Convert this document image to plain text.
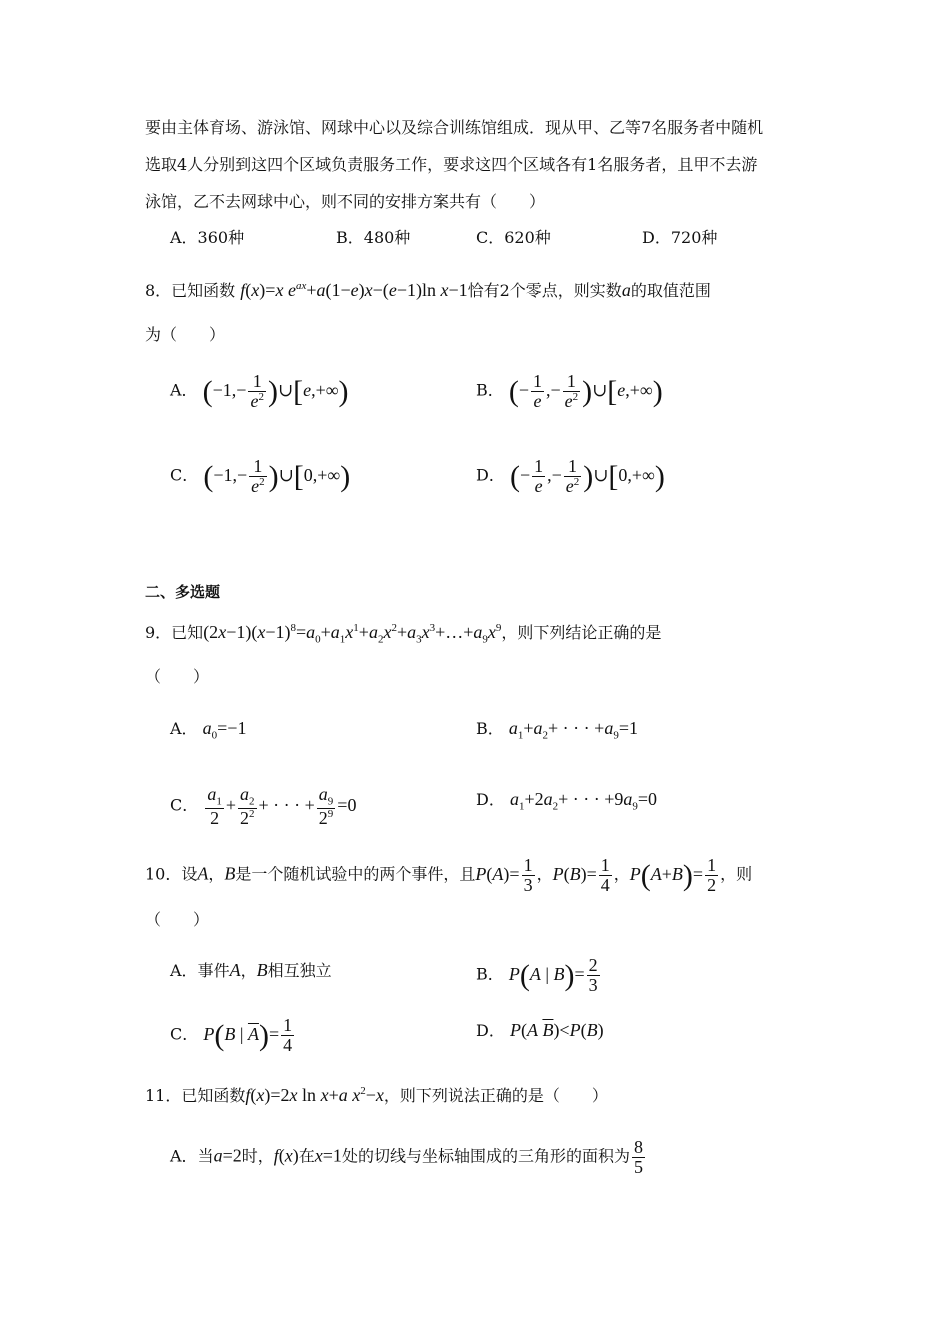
要由主体育场、游泳馆、网球中心以及综合训练馆组成．现从甲、乙等7名服务者中随机
选取4人分别到这四个区域负责服务工作，要求这四个区域各有1名服务者，且甲不去游
泳馆，乙不去网球中心，则不同的安排方案共有（　　）
A．360种	B．480种	C．620种	D．720种
8．已知函数 f(x)=x $e^{ax}+a(1-e)x-(e-1)\ln$ x−1恰有2个零点，则实数a的取值范围
为（　　）
A． ($-1,- \frac{1}{e^2}$ )∪[e,+∞)	B． (− $\frac{1}{e}$ ,− $\frac{1}{e^2}$ )∪[e,+∞)
C． ($-1,- \frac{1}{e^2}$ )∪[0,+∞)	D． (− $\frac{1}{e}$ ,− $\frac{1}{e^2}$ )∪[0,+∞)
二、多选题
9．已知$(2x-1)(x-1)^8=a_0+a_1x^1+a_2x^2+a_3x^3+\dots+a_9x^9$，则下列结论正确的是
（　　）
A． $a_0=-1$	B． $a_1+a_2+$ · · · $+a_9=1$
C． $\frac{a_1}{2} + \frac{a_2}{2^2}$ + · · · + $\frac{a_9}{2^9} =0$	D． $a_1+2a_2+$ · · · $+9a_9=0$
10．设A，B是一个随机试验中的两个事件，且$P(A)= \frac{1}{3}$ ，$P(B)= \frac{1}{4}$ ，$P(A+B)= \frac{1}{2}$ ，则
（　　）
A．事件A，B相互独立	B． P(A | $B)= \frac{2}{3}$
C． P(B | $\overline{A})= \frac{1}{4}$	D． P(A $\overline{B})<P(B)$
11．已知函数f(x)=2x ln x+a $x^2-x$，则下列说法正确的是（　　）
A．当a=2时，f(x)在x=1处的切线与坐标轴围成的三角形的面积为 $\frac{8}{5}$
